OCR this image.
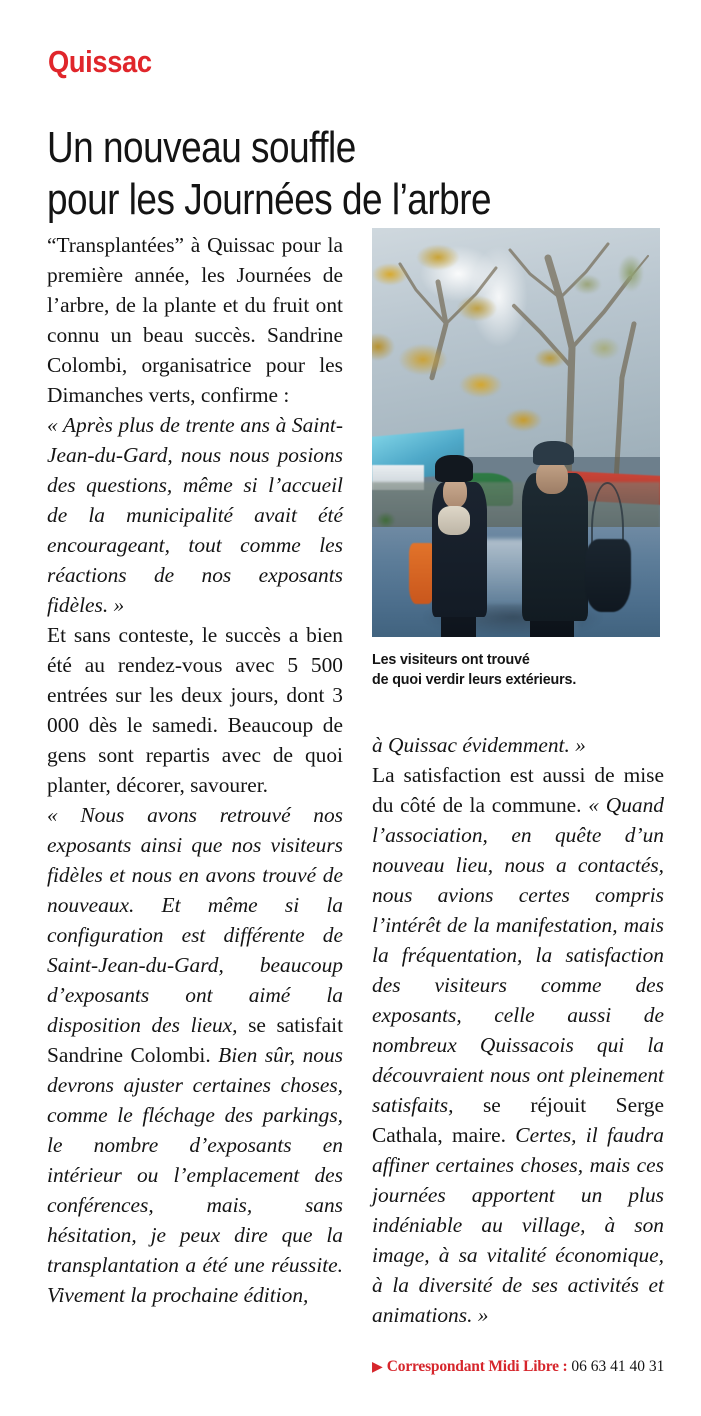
Quissac
Un nouveau souffle
pour les Journées de l’arbre
Les visiteurs ont trouvé
de quoi verdir leurs extérieurs.

“Transplantées” à Quissac pour la première année, les Journées de l’arbre, de la plante et du fruit ont connu un beau succès. Sandrine Colombi, organisatrice pour les Dimanches verts, confirme :

« Après plus de trente ans à Saint-Jean-du-Gard, nous nous posions des questions, même si l’accueil de la municipalité avait été encourageant, tout comme les réactions de nos exposants fidèles. »

Et sans conteste, le succès a bien été au rendez-vous avec 5 500 entrées sur les deux jours, dont 3 000 dès le samedi. Beaucoup de gens sont repartis avec de quoi planter, décorer, savourer.

« Nous avons retrouvé nos exposants ainsi que nos visiteurs fidèles et nous en avons trouvé de nouveaux. Et même si la configuration est différente de Saint-Jean-du-Gard, beaucoup d’exposants ont aimé la disposition des lieux, se satisfait Sandrine Colombi. Bien sûr, nous devrons ajuster certaines choses, comme le fléchage des parkings, le nombre d’exposants en intérieur ou l’emplacement des conférences, mais, sans hésitation, je peux dire que la transplantation a été une réussite. Vivement la prochaine édition,

à Quissac évidemment. »

La satisfaction est aussi de mise du côté de la commune. « Quand l’association, en quête d’un nouveau lieu, nous a contactés, nous avions certes compris l’intérêt de la manifestation, mais la fréquentation, la satisfaction des visiteurs comme des exposants, celle aussi de nombreux Quissacois qui la découvraient nous ont pleinement satisfaits, se réjouit Serge Cathala, maire. Certes, il faudra affiner certaines choses, mais ces journées apportent un plus indéniable au village, à son image, à sa vitalité économique, à la diversité de ses activités et animations. »

▶ Correspondant Midi Libre : 06 63 41 40 31
